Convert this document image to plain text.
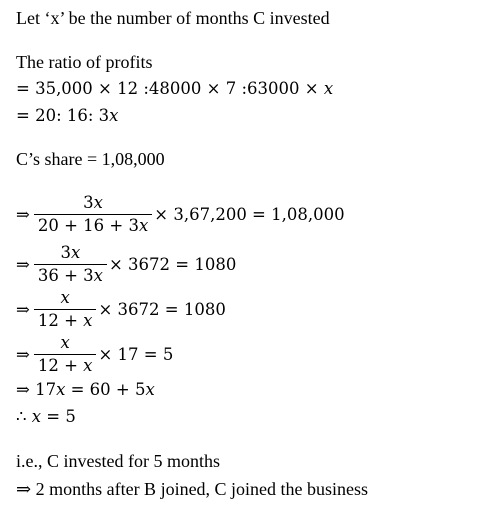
Let ‘x’ be the number of months C invested
The ratio of profits
= 35,000 × 12 :48000 × 7 :63000 × 𝑥
= 20: 16: 3𝑥
C’s share = 1,08,000
⇒ $\frac{\text{3𝑥}}{\text{20 + 16 + 3𝑥}} \times 3,67,200 = 1,08,000$
⇒ $\frac{\text{3𝑥}}{\text{36 + 3𝑥}} \times 3672 = 1080$
⇒ $\frac{\text{𝑥}}{\text{12 + 𝑥}} \times 3672 = 1080$
⇒ $\frac{\text{𝑥}}{\text{12 + 𝑥}} \times 17 = 5$
⇒ 17𝑥 = 60 + 5𝑥
∴ 𝑥 = 5
i.e., C invested for 5 months
⇒ 2 months after B joined, C joined the business
